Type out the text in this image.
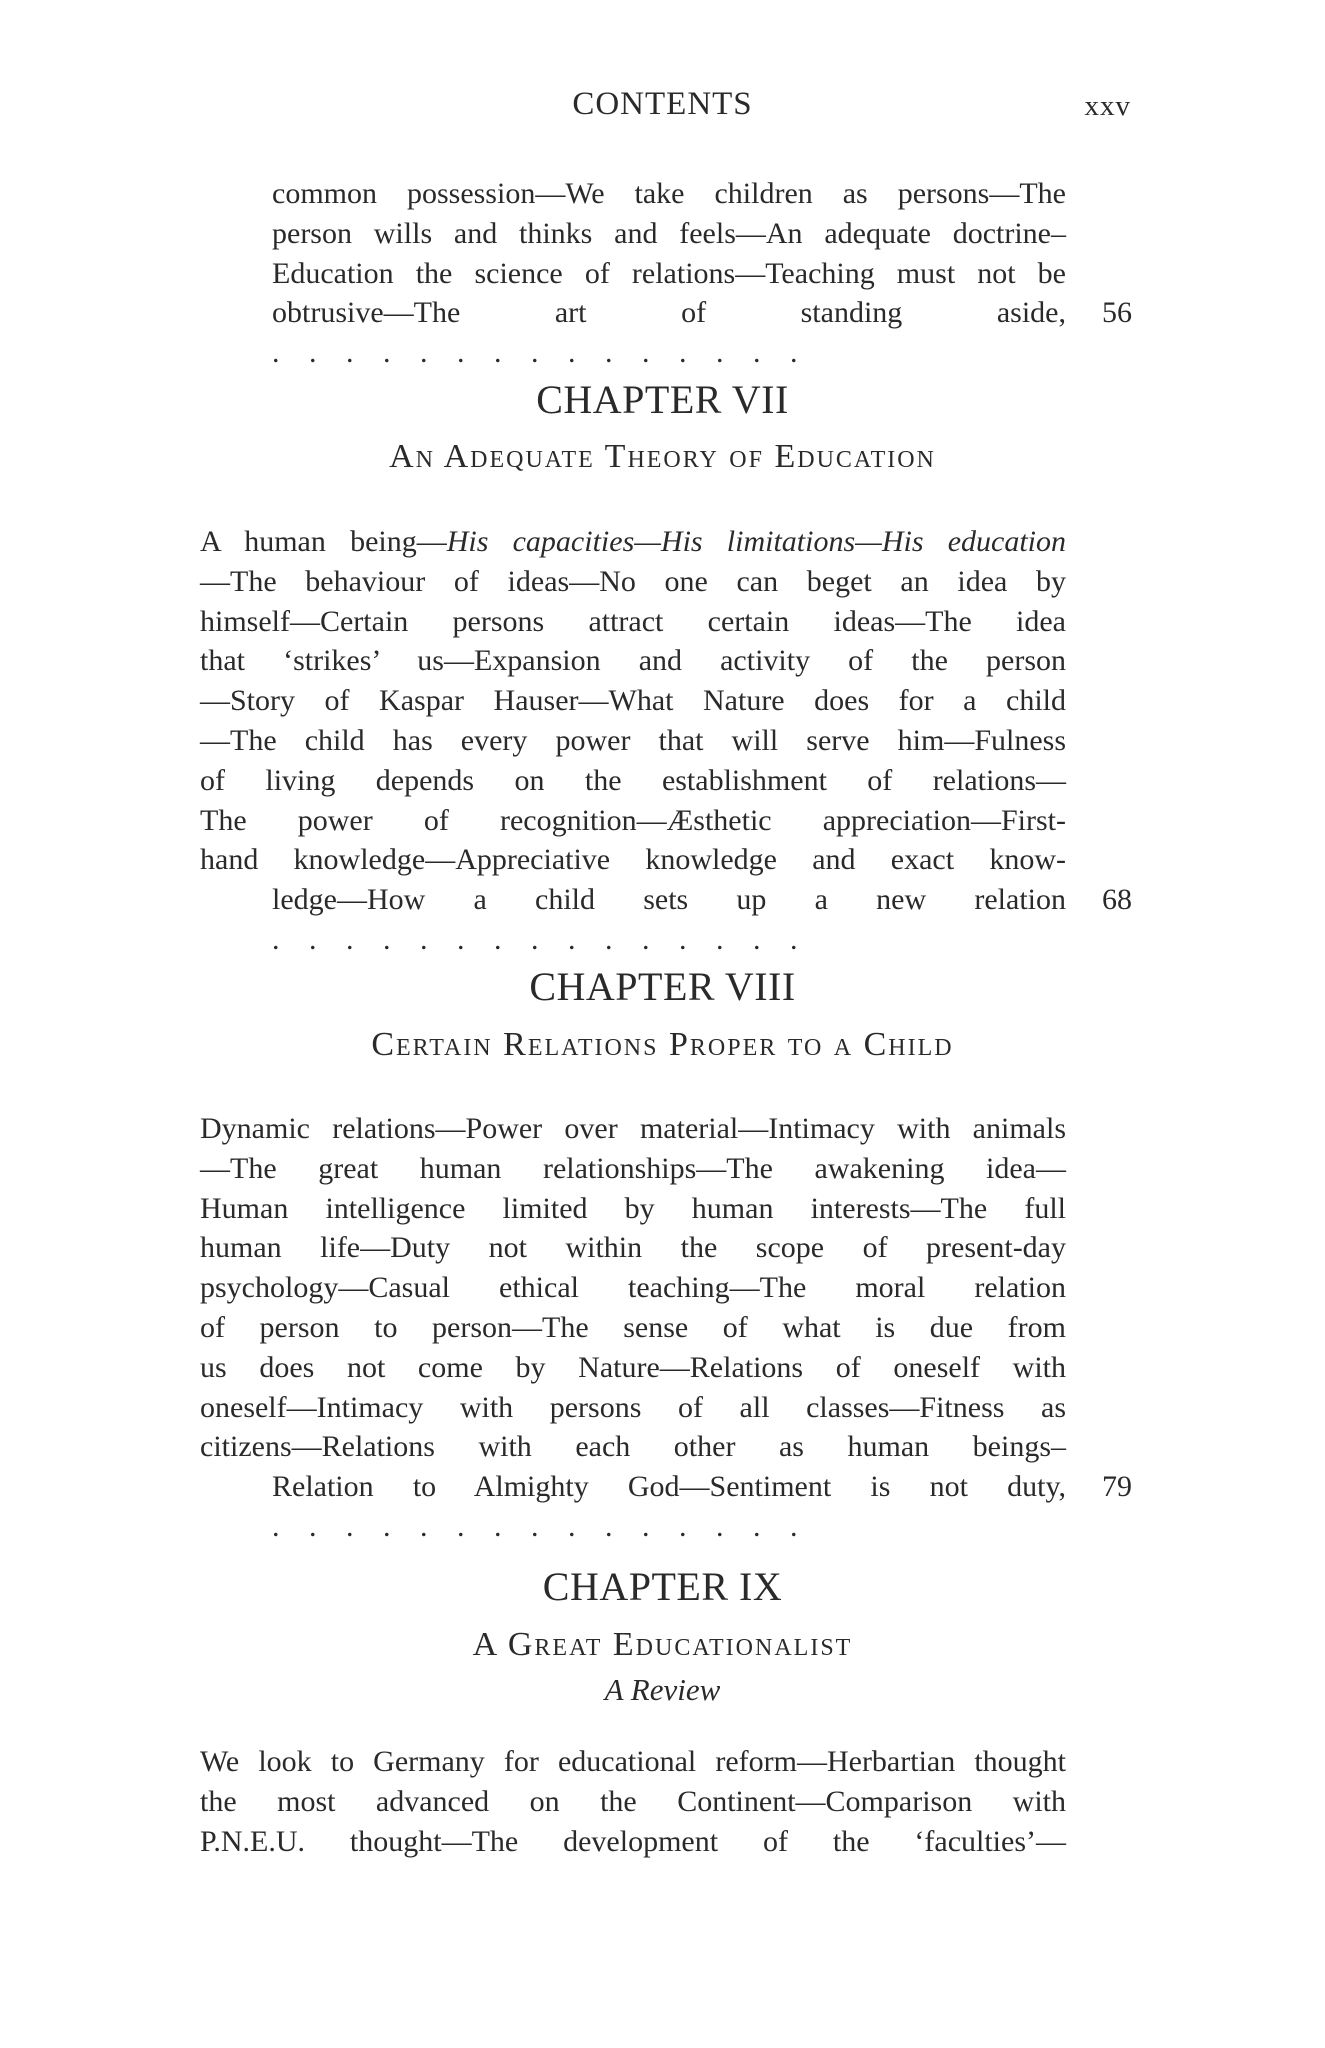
CONTENTS	xxv
common possession—We take children as persons—The
person wills and thinks and feels—An adequate doctrine–
Education the science of relations—Teaching must not be
obtrusive—The art of standing aside, . . . . . . . . . . . . . . .
56
CHAPTER VII
An Adequate Theory of Education
A human being—His capacities—His limitations—His education
—The behaviour of ideas—No one can beget an idea by
himself—Certain persons attract certain ideas—The idea
that ‘strikes’ us—Expansion and activity of the person
—Story of Kaspar Hauser—What Nature does for a child
—The child has every power that will serve him—Fulness
of living depends on the establishment of relations—
The power of recognition—Æsthetic appreciation—First-
hand knowledge—Appreciative knowledge and exact know-
ledge—How a child sets up a new relation . . . . . . . . . . . . . . .
68
CHAPTER VIII
Certain Relations Proper to a Child
Dynamic relations—Power over material—Intimacy with animals
—The great human relationships—The awakening idea—
Human intelligence limited by human interests—The full
human life—Duty not within the scope of present-day
psychology—Casual ethical teaching—The moral relation
of person to person—The sense of what is due from
us does not come by Nature—Relations of oneself with
oneself—Intimacy with persons of all classes—Fitness as
citizens—Relations with each other as human beings–
Relation to Almighty God—Sentiment is not duty, . . . . . . . . . . . . . . .
79
CHAPTER IX
A Great Educationalist
A Review
We look to Germany for educational reform—Herbartian thought
the most advanced on the Continent—Comparison with
P.N.E.U. thought—The development of the ‘faculties’—
